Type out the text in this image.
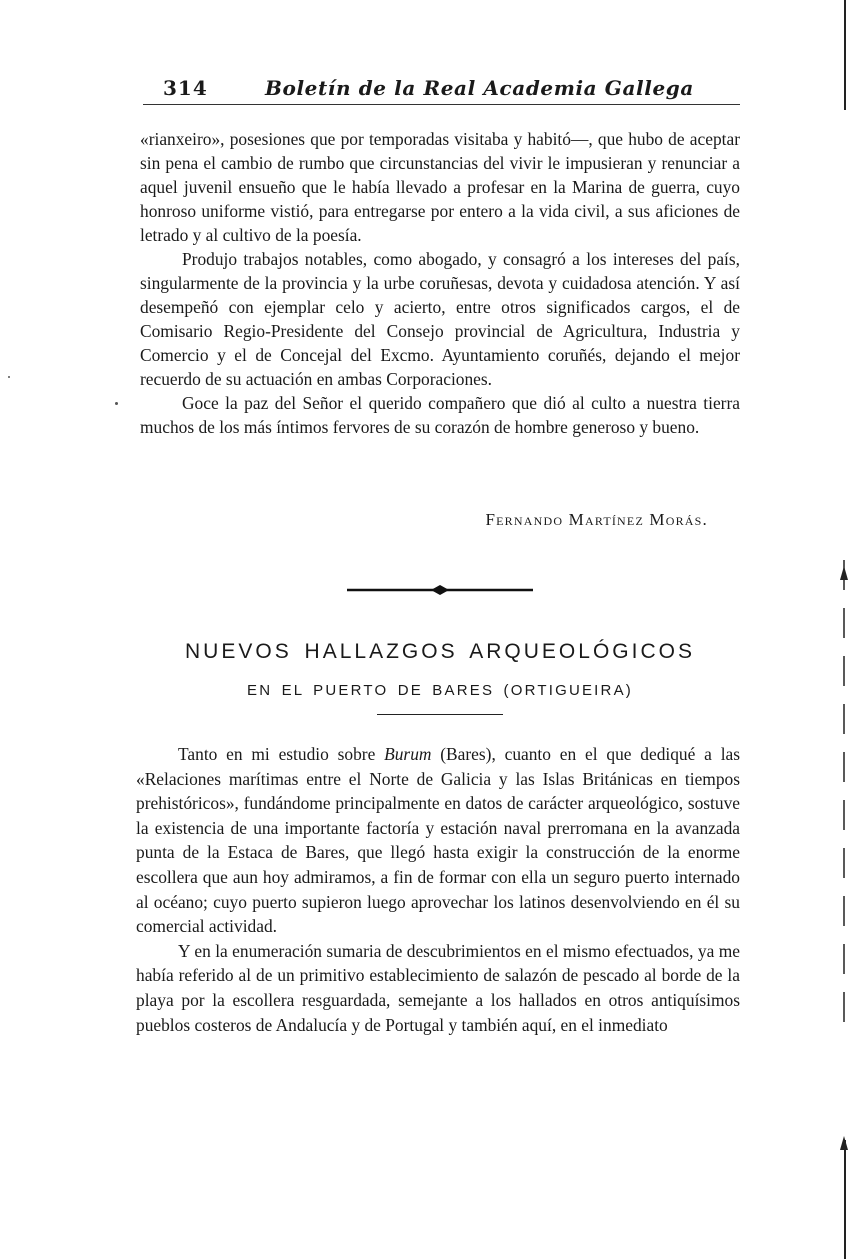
314	Boletín de la Real Academia Gallega

«rianxeiro», posesiones que por temporadas visitaba y habitó—, que hubo de aceptar sin pena el cambio de rumbo que circunstancias del vivir le impusieran y renunciar a aquel juvenil ensueño que le había llevado a profesar en la Marina de guerra, cuyo honroso uniforme vistió, para entregarse por entero a la vida civil, a sus aficiones de letrado y al cultivo de la poesía.

Produjo trabajos notables, como abogado, y consagró a los intereses del país, singularmente de la provincia y la urbe coruñesas, devota y cuidadosa atención. Y así desempeñó con ejemplar celo y acierto, entre otros significados cargos, el de Comisario Regio-Presidente del Consejo provincial de Agricultura, Industria y Comercio y el de Concejal del Excmo. Ayuntamiento coruñés, dejando el mejor recuerdo de su actuación en ambas Corporaciones.

Goce la paz del Señor el querido compañero que dió al culto a nuestra tierra muchos de los más íntimos fervores de su corazón de hombre generoso y bueno.

Fernando Martínez Morás.
NUEVOS HALLAZGOS ARQUEOLÓGICOS
EN EL PUERTO DE BARES (ORTIGUEIRA)

Tanto en mi estudio sobre Burum (Bares), cuanto en el que dediqué a las «Relaciones marítimas entre el Norte de Galicia y las Islas Británicas en tiempos prehistóricos», fundándome principalmente en datos de carácter arqueológico, sostuve la existencia de una importante factoría y estación naval prerromana en la avanzada punta de la Estaca de Bares, que llegó hasta exigir la construcción de la enorme escollera que aun hoy admiramos, a fin de formar con ella un seguro puerto internado al océano; cuyo puerto supieron luego aprovechar los latinos desenvolviendo en él su comercial actividad.

Y en la enumeración sumaria de descubrimientos en el mismo efectuados, ya me había referido al de un primitivo establecimiento de salazón de pescado al borde de la playa por la escollera resguardada, semejante a los hallados en otros antiquísimos pueblos costeros de Andalucía y de Portugal y también aquí, en el inmediato
